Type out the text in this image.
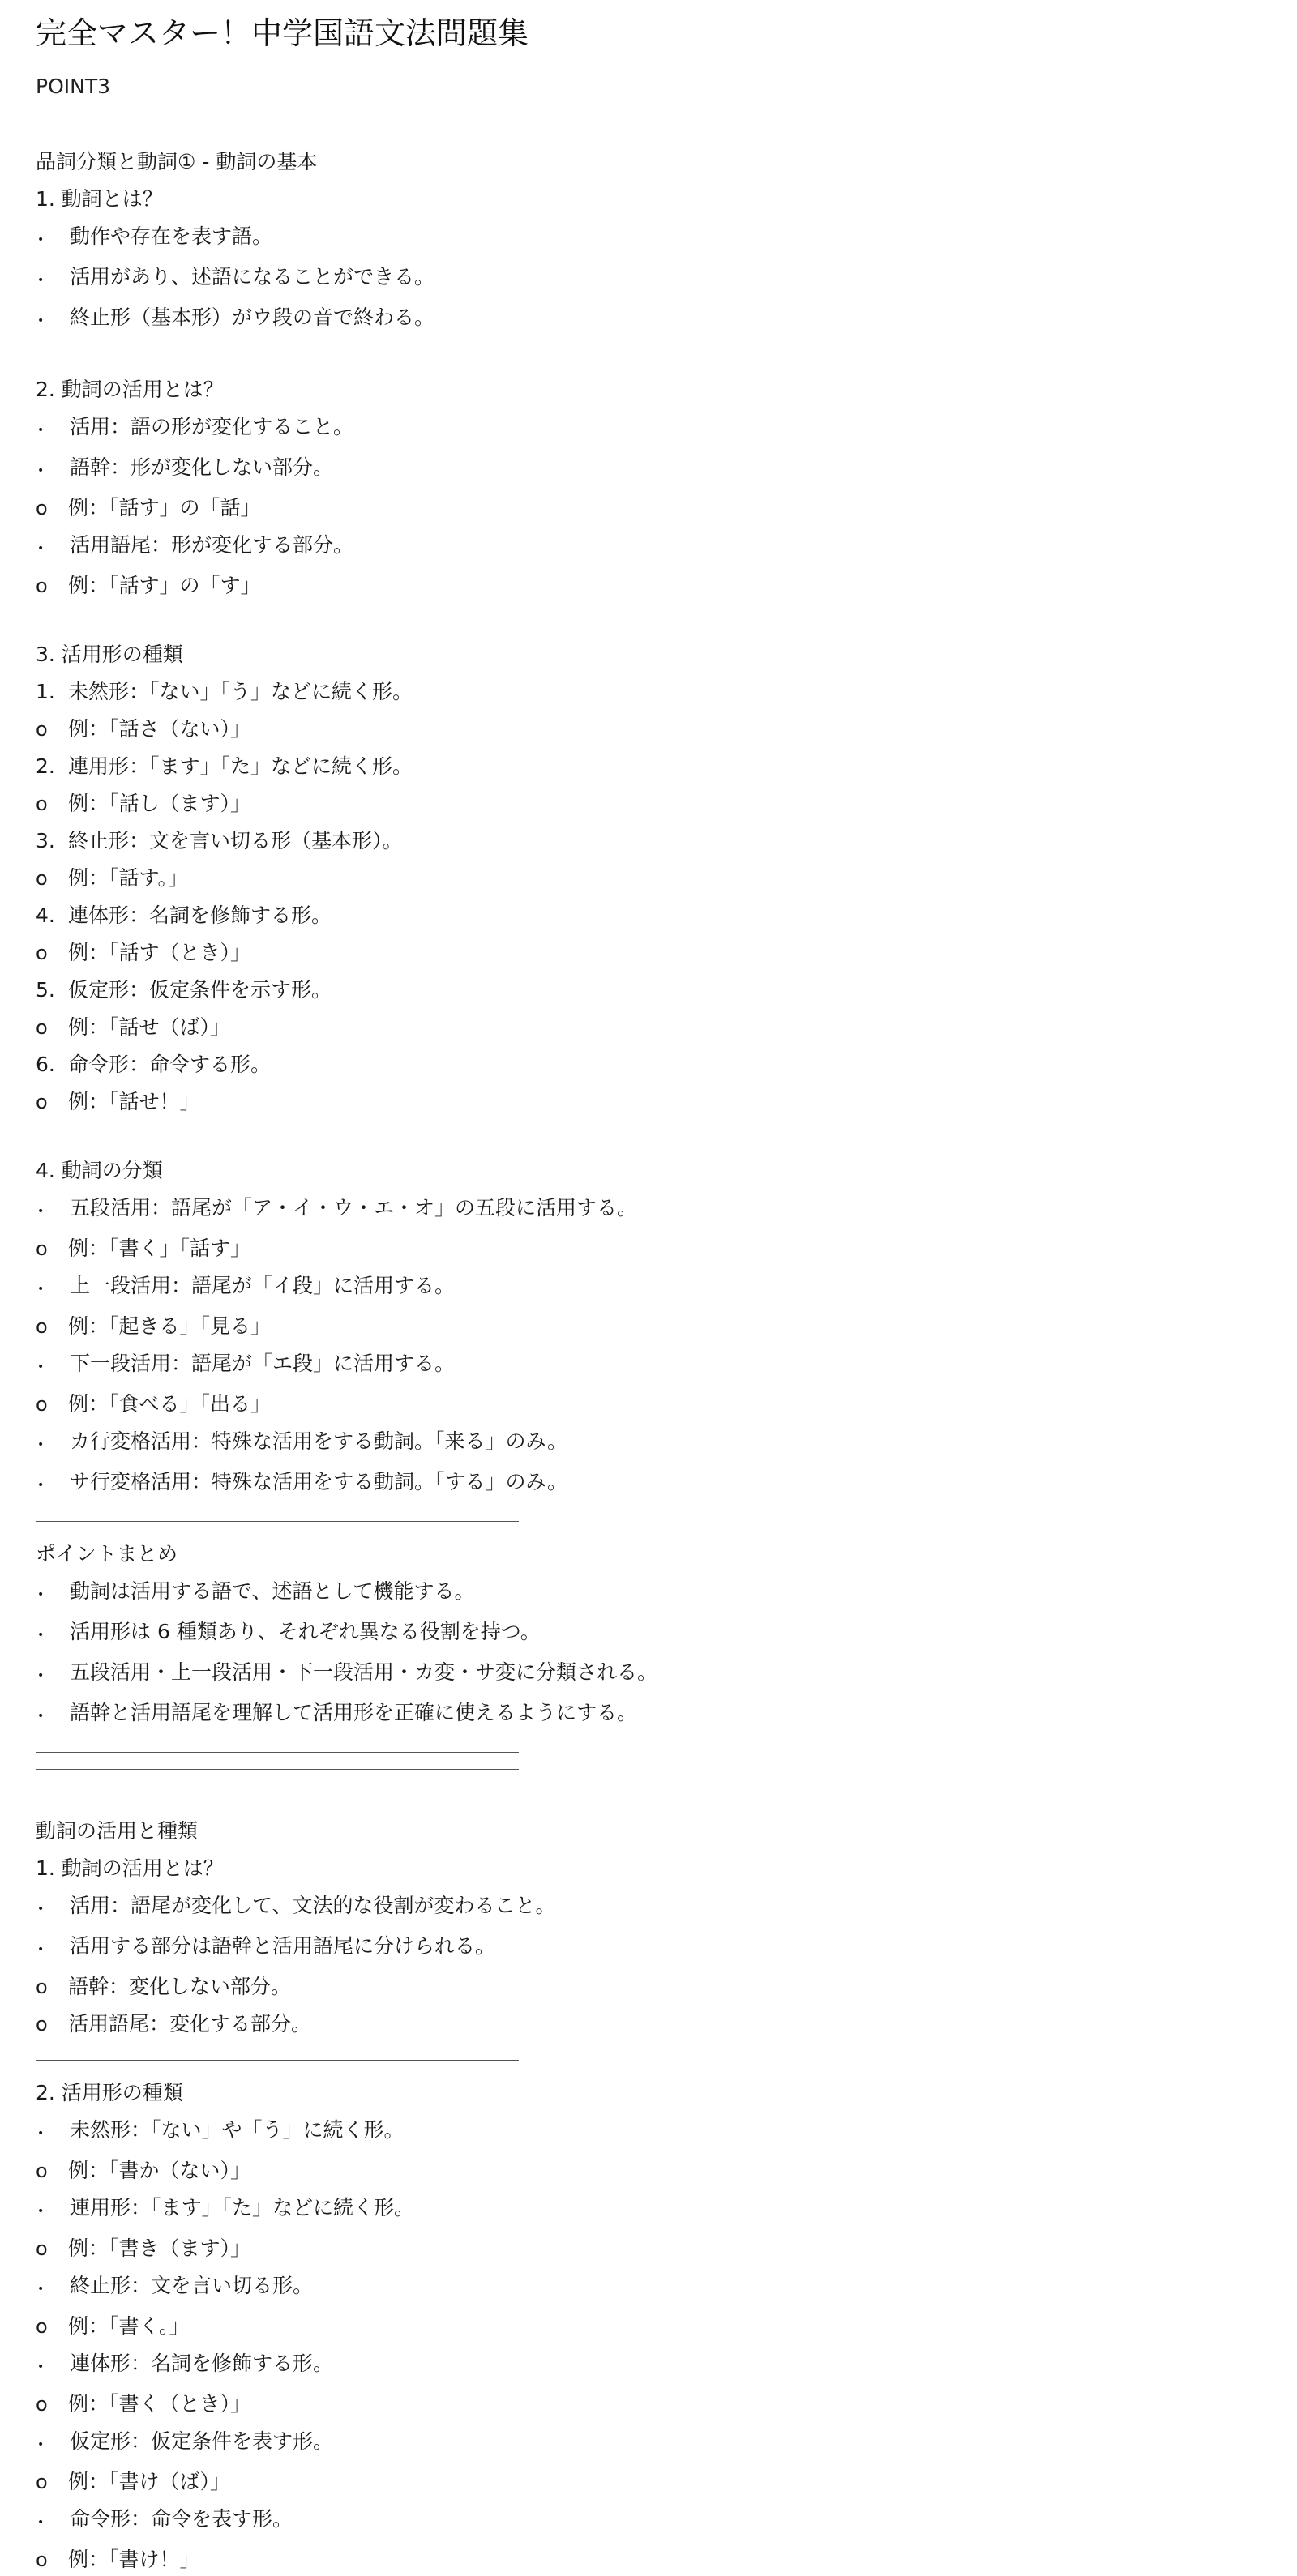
完全マスター！中学国語文法問題集
POINT3
品詞分類と動詞① - 動詞の基本
1. 動詞とは？
•	動作や存在を表す語。
•	活用があり、述語になることができる。
•	終止形（基本形）がウ段の音で終わる。
2. 動詞の活用とは？
•	活用：語の形が変化すること。
•	語幹：形が変化しない部分。
o	例：「話す」の「話」
•	活用語尾：形が変化する部分。
o	例：「話す」の「す」
3. 活用形の種類
1. 未然形：「ない」「う」などに続く形。
o	例：「話さ（ない）」
2. 連用形：「ます」「た」などに続く形。
o	例：「話し（ます）」
3. 終止形：文を言い切る形（基本形）。
o	例：「話す。」
4. 連体形：名詞を修飾する形。
o	例：「話す（とき）」
5. 仮定形：仮定条件を示す形。
o	例：「話せ（ば）」
6. 命令形：命令する形。
o	例：「話せ！」
4. 動詞の分類
•	五段活用：語尾が「ア・イ・ウ・エ・オ」の五段に活用する。
o	例：「書く」「話す」
•	上一段活用：語尾が「イ段」に活用する。
o	例：「起きる」「見る」
•	下一段活用：語尾が「エ段」に活用する。
o	例：「食べる」「出る」
•	カ行変格活用：特殊な活用をする動詞。「来る」のみ。
•	サ行変格活用：特殊な活用をする動詞。「する」のみ。
ポイントまとめ
•	動詞は活用する語で、述語として機能する。
•	活用形は 6 種類あり、それぞれ異なる役割を持つ。
•	五段活用・上一段活用・下一段活用・カ変・サ変に分類される。
•	語幹と活用語尾を理解して活用形を正確に使えるようにする。
動詞の活用と種類
1. 動詞の活用とは？
•	活用：語尾が変化して、文法的な役割が変わること。
•	活用する部分は語幹と活用語尾に分けられる。
o	語幹：変化しない部分。
o	活用語尾：変化する部分。
2. 活用形の種類
•	未然形：「ない」や「う」に続く形。
o	例：「書か（ない）」
•	連用形：「ます」「た」などに続く形。
o	例：「書き（ます）」
•	終止形：文を言い切る形。
o	例：「書く。」
•	連体形：名詞を修飾する形。
o	例：「書く（とき）」
•	仮定形：仮定条件を表す形。
o	例：「書け（ば）」
•	命令形：命令を表す形。
o	例：「書け！」
